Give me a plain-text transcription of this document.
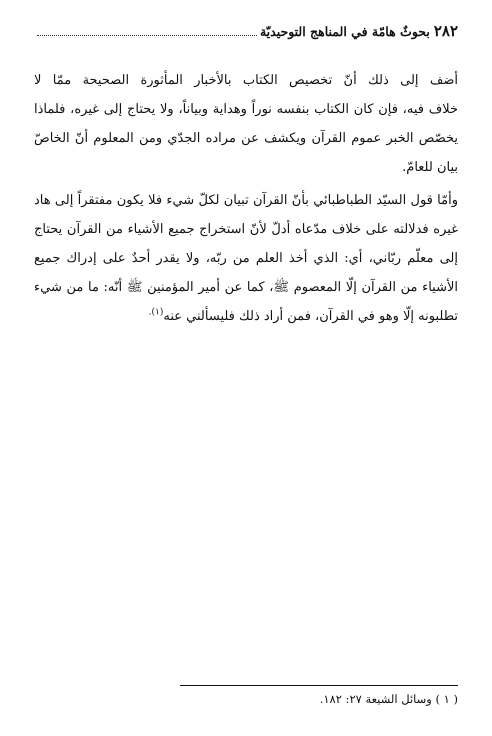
٢٨٢
بحوثٌ هامّة في المناهج التوحيديّة
أضف إلى ذلك أنّ تخصيص الكتاب بالأخبار المأثورة الصحيحة ممّا لا
خلاف فيه، فإن كان الكتاب بنفسه نوراً وهداية وبياناً، ولا يحتاج إلى غيره، فلماذا
يخصّص الخبر عموم القرآن ويكشف عن مراده الجدّي ومن المعلوم أنّ الخاصّ
بيان للعامّ.
وأمّا قول السيّد الطباطبائي بأنّ القرآن تبيان لكلّ شيء فلا يكون مفتقراً إلى هاد
غيره فدلالته على خلاف مدّعاه أدلّ لأنّ استخراج جميع الأشياء من القرآن يحتاج
إلى معلّم ربّاني، أي: الذي أخذ العلم من ربّه، ولا يقدر أحدٌ على إدراك جميع
الأشياء من القرآن إلّا المعصوم ﷺ، كما عن أمير المؤمنين ﷺ أنّه: ما من شيء
تطلبونه إلّا وهو في القرآن، فمن أراد ذلك فليسألني عنه$^{(١).}$
( ١ ) وسائل الشيعة ٢٧: ١٨٢.
